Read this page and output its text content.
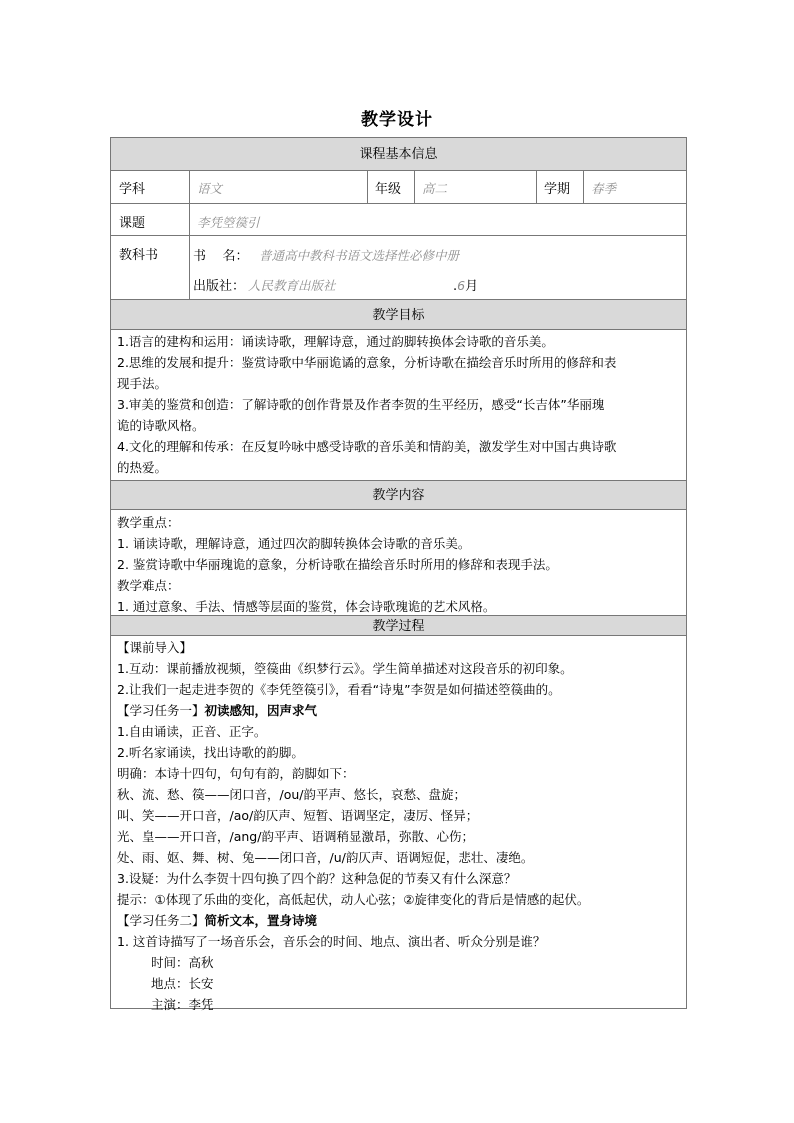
教学设计
课程基本信息
学科	语文	年级 高二	学期 春季
课题	李凭箜篌引
教科书	书    名： 普通高中教科书语文选择性必修中册
出版社： 人民教育出版社	.6月
教学目标

1.语言的建构和运用：诵读诗歌，理解诗意，通过韵脚转换体会诗歌的音乐美。

2.思维的发展和提升：鉴赏诗歌中华丽诡谲的意象，分析诗歌在描绘音乐时所用的修辞和表

现手法。

3.审美的鉴赏和创造：了解诗歌的创作背景及作者李贺的生平经历，感受“长吉体”华丽瑰

诡的诗歌风格。

4.文化的理解和传承：在反复吟咏中感受诗歌的音乐美和情韵美，激发学生对中国古典诗歌

的热爱。

教学内容

教学重点：

1. 诵读诗歌，理解诗意，通过四次韵脚转换体会诗歌的音乐美。

2. 鉴赏诗歌中华丽瑰诡的意象，分析诗歌在描绘音乐时所用的修辞和表现手法。

教学难点：

1. 通过意象、手法、情感等层面的鉴赏，体会诗歌瑰诡的艺术风格。

教学过程

【课前导入】

1.互动：课前播放视频，箜篌曲《织梦行云》。学生简单描述对这段音乐的初印象。

2.让我们一起走进李贺的《李凭箜篌引》，看看“诗鬼”李贺是如何描述箜篌曲的。

【学习任务一】初读感知，因声求气

1.自由诵读，正音、正字。

2.听名家诵读，找出诗歌的韵脚。

明确：本诗十四句，句句有韵，韵脚如下：

秋、流、愁、篌——闭口音，/ou/韵平声、悠长，哀愁、盘旋；

叫、笑——开口音，/ao/韵仄声、短暂、语调坚定，凄厉、怪异；

光、皇——开口音，/ang/韵平声、语调稍显激昂，弥散、心伤；

处、雨、妪、舞、树、兔——闭口音，/u/韵仄声、语调短促，悲壮、凄绝。

3.设疑：为什么李贺十四句换了四个韵？这种急促的节奏又有什么深意？

提示：①体现了乐曲的变化，高低起伏，动人心弦；②旋律变化的背后是情感的起伏。

【学习任务二】简析文本，置身诗境

1. 这首诗描写了一场音乐会，音乐会的时间、地点、演出者、听众分别是谁？

时间：高秋

地点：长安

主演：李凭
